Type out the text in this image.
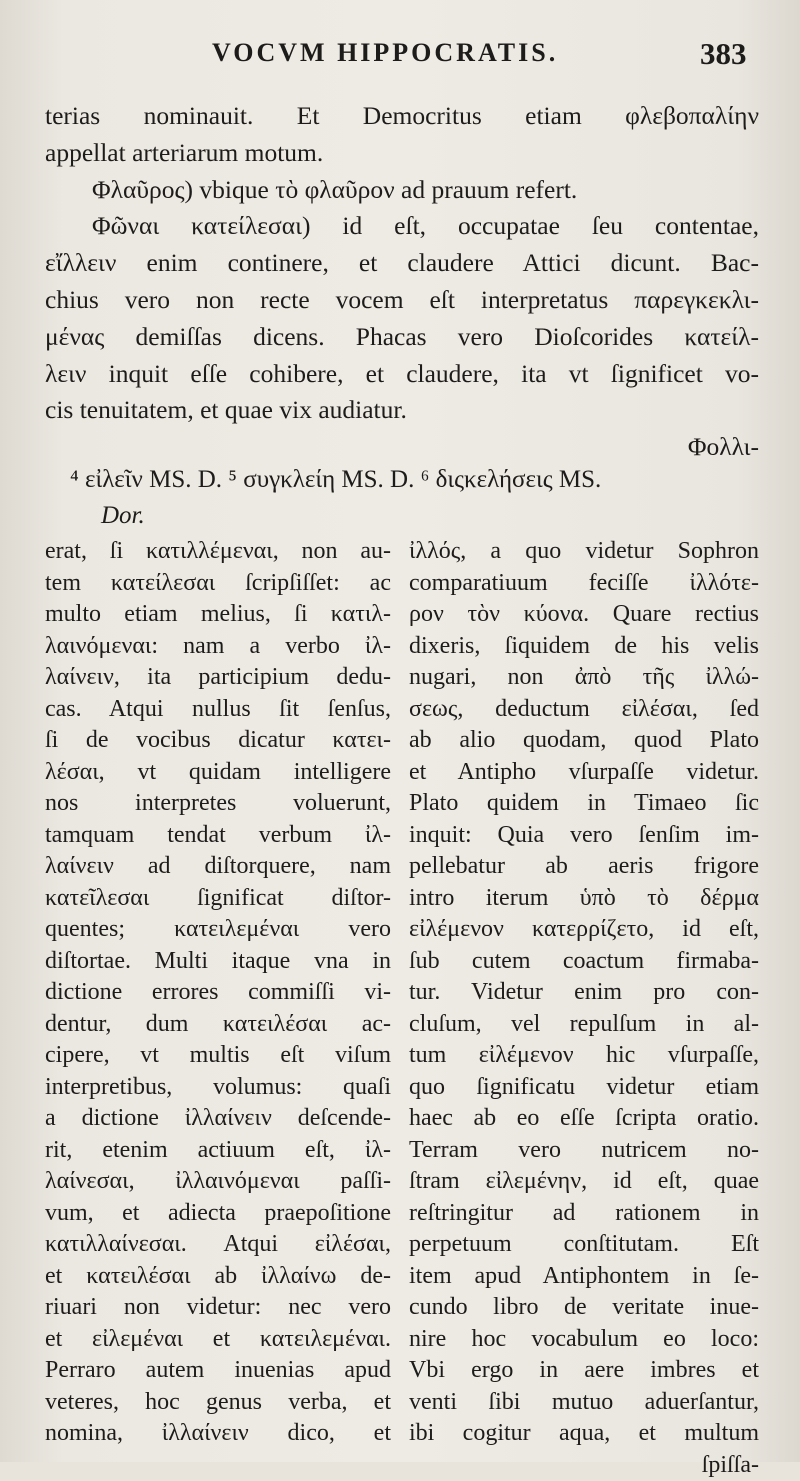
VOCVM HIPPOCRATIS.	383
terias nominauit. Et Democritus etiam φλεβοπαλίην
appellat arteriarum motum.
Φλαῦρος) vbique τὸ φλαῦρον ad prauum refert.
Φῶναι κατείλεσαι) id eſt, occupatae ſeu contentae,
εἴλλειν enim continere, et claudere Attici dicunt. Bac-
chius vero non recte vocem eſt interpretatus παρεγκεκλι-
μένας demiſſas dicens. Phacas vero Dioſcorides κατείλ-
λειν inquit eſſe cohibere, et claudere, ita vt ſignificet vo-
cis tenuitatem, et quae vix audiatur.
Φολλι-
⁴ εἰλεῖν MS. D. ⁵ συγκλείη MS. D. ⁶ διςκελήσεις MS.
Dor.
erat, ſi κατιλλέμεναι, non au-
tem κατείλεσαι ſcripſiſſet: ac
multo etiam melius, ſi κατιλ-
λαινόμεναι: nam a verbo ἰλ-
λαίνειν, ita participium dedu-
cas. Atqui nullus ſit ſenſus,
ſi de vocibus dicatur κατει-
λέσαι, vt quidam intelligere
nos interpretes voluerunt,
tamquam tendat verbum ἰλ-
λαίνειν ad diſtorquere, nam
κατεῖλεσαι ſignificat diſtor-
quentes; κατειλεμέναι vero
diſtortae. Multi itaque vna in
dictione errores commiſſi vi-
dentur, dum κατειλέσαι ac-
cipere, vt multis eſt viſum
interpretibus, volumus: quaſi
a dictione ἰλλαίνειν deſcende-
rit, etenim actiuum eſt, ἰλ-
λαίνεσαι, ἰλλαινόμεναι paſſi-
vum, et adiecta praepoſitione
κατιλλαίνεσαι. Atqui εἰλέσαι,
et κατειλέσαι ab ἰλλαίνω de-
riuari non videtur: nec vero
et εἰλεμέναι et κατειλεμέναι.
Perraro autem inuenias apud
veteres, hoc genus verba, et
nomina, ἰλλαίνειν dico, et
ἰλλός, a quo videtur Sophron
comparatiuum feciſſe ἰλλότε-
ρον τὸν κύονα. Quare rectius
dixeris, ſiquidem de his velis
nugari, non ἀπὸ τῆς ἰλλώ-
σεως, deductum εἰλέσαι, ſed
ab alio quodam, quod Plato
et Antipho vſurpaſſe videtur.
Plato quidem in Timaeo ſic
inquit: Quia vero ſenſim im-
pellebatur ab aeris frigore
intro iterum ὑπὸ τὸ δέρμα
εἰλέμενον κατερρίζετο, id eſt,
ſub cutem coactum firmaba-
tur. Videtur enim pro con-
cluſum, vel repulſum in al-
tum εἰλέμενον hic vſurpaſſe,
quo ſignificatu videtur etiam
haec ab eo eſſe ſcripta oratio.
Terram vero nutricem no-
ſtram εἰλεμένην, id eſt, quae
reſtringitur ad rationem in
perpetuum conſtitutam. Eſt
item apud Antiphontem in ſe-
cundo libro de veritate inue-
nire hoc vocabulum eo loco:
Vbi ergo in aere imbres et
venti ſibi mutuo aduerſantur,
ibi cogitur aqua, et multum
ſpiſſa-
